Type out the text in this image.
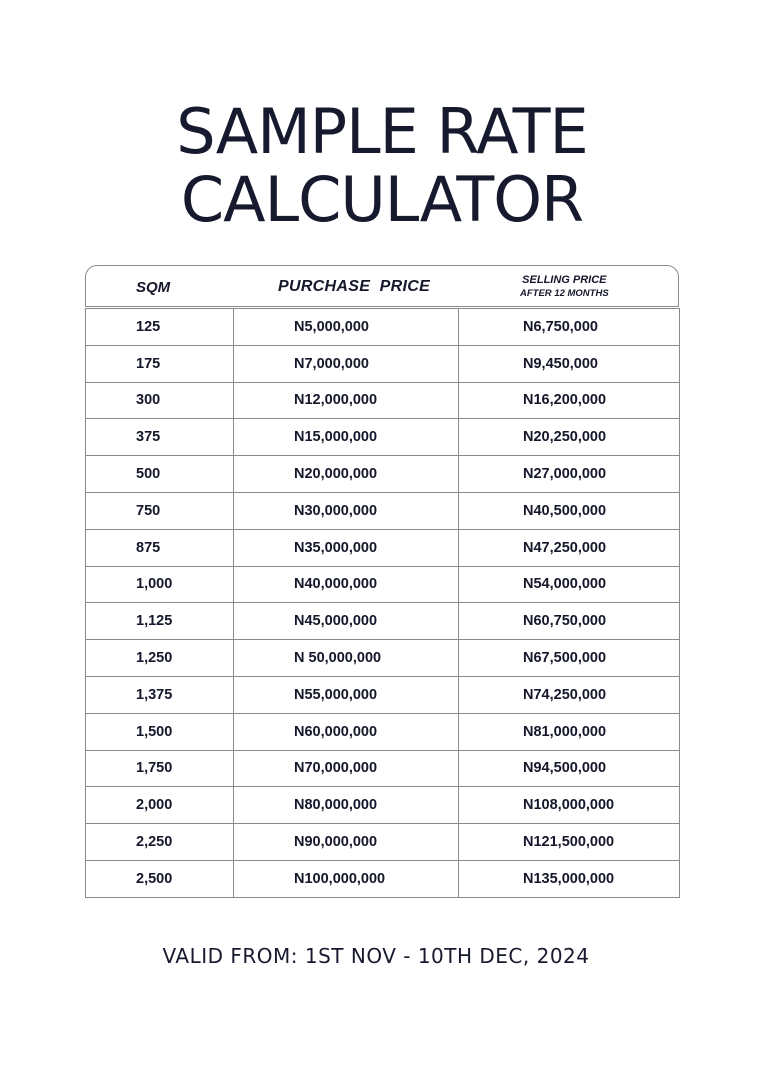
SAMPLE RATE
CALCULATOR
SQM	PURCHASE  PRICE	SELLING PRICE
AFTER 12 MONTHS
125	N5,000,000	N6,750,000
175	N7,000,000	N9,450,000
300	N12,000,000	N16,200,000
375	N15,000,000	N20,250,000
500	N20,000,000	N27,000,000
750	N30,000,000	N40,500,000
875	N35,000,000	N47,250,000
1,000	N40,000,000	N54,000,000
1,125	N45,000,000	N60,750,000
1,250	N 50,000,000	N67,500,000
1,375	N55,000,000	N74,250,000
1,500	N60,000,000	N81,000,000
1,750	N70,000,000	N94,500,000
2,000	N80,000,000	N108,000,000
2,250	N90,000,000	N121,500,000
2,500	N100,000,000	N135,000,000
VALID FROM: 1ST NOV - 10TH DEC, 2024
